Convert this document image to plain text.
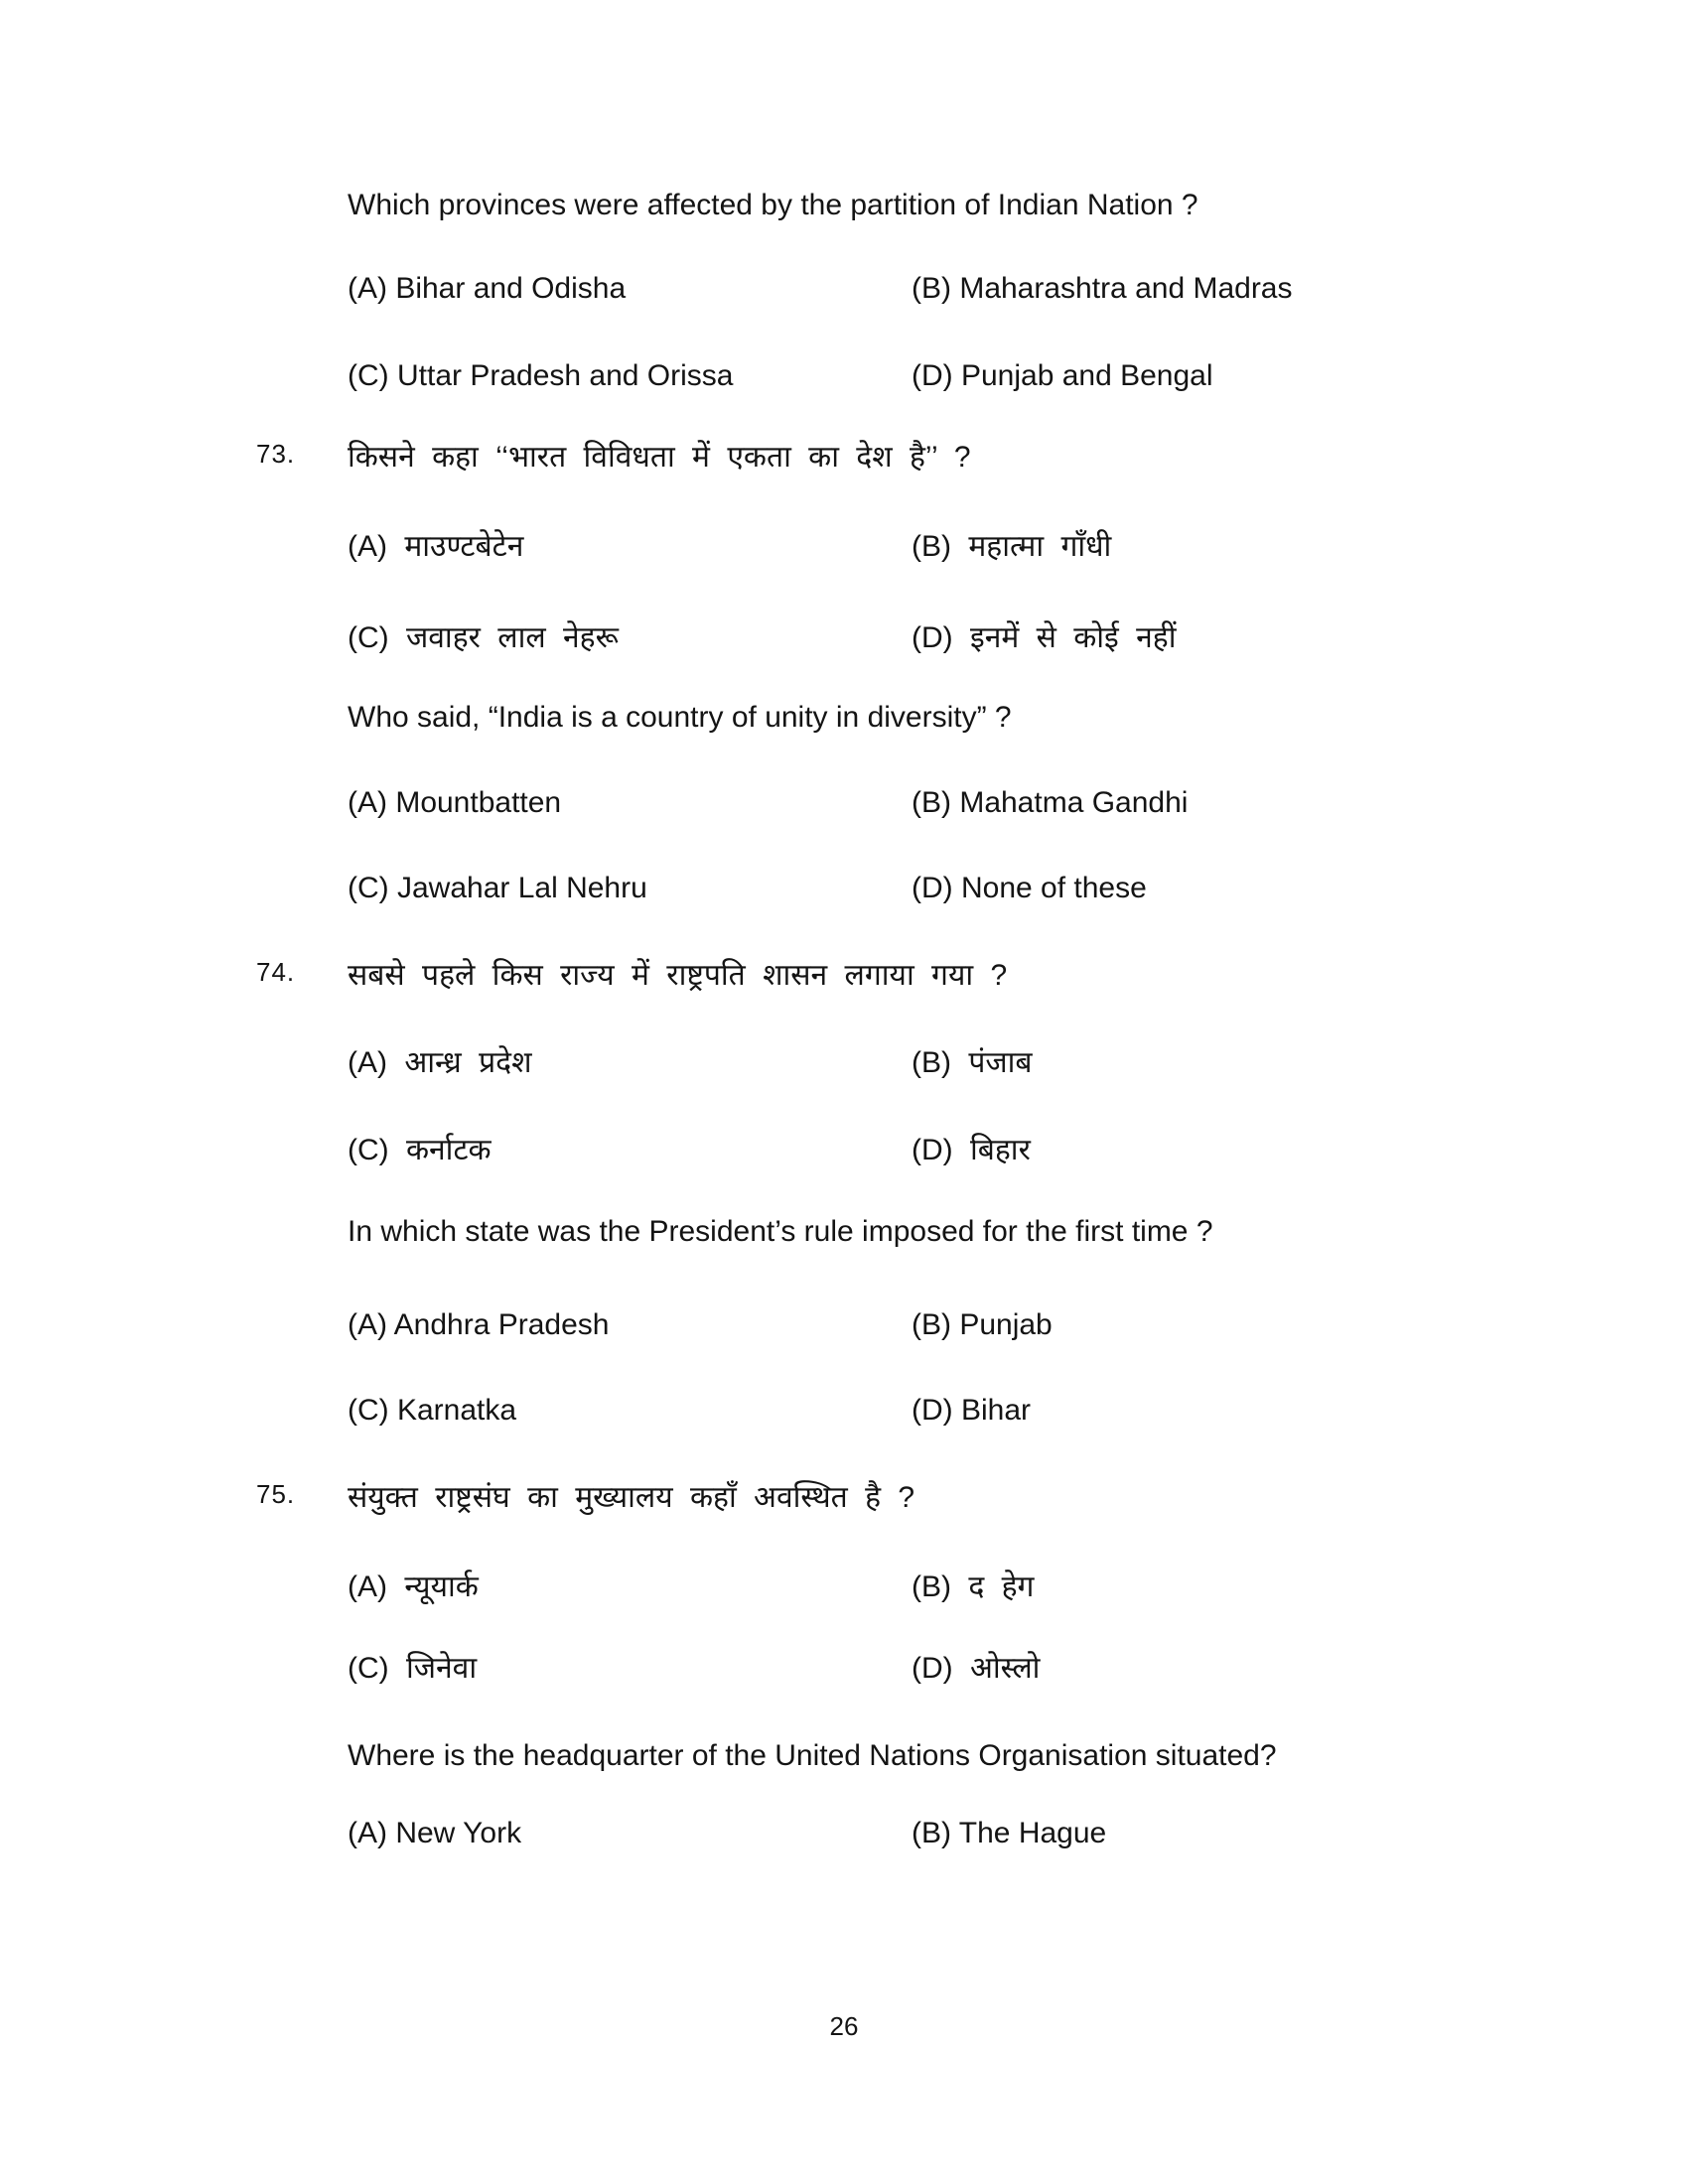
Which provinces were affected by the partition of Indian Nation ?
(A) Bihar and Odisha	(B) Maharashtra and Madras
(C) Uttar Pradesh and Orissa	(D) Punjab and Bengal
73. किसने कहा ‘‘भारत विविधता में एकता का देश है’’ ?
(A) माउण्टबेटेन	(B) महात्मा गाँधी
(C) जवाहर लाल नेहरू	(D) इनमें से कोई नहीं
Who said, “India is a country of unity in diversity” ?
(A) Mountbatten	(B) Mahatma Gandhi
(C) Jawahar Lal Nehru	(D) None of these
74. सबसे पहले किस राज्य में राष्ट्रपति शासन लगाया गया ?
(A) आन्ध्र प्रदेश	(B) पंजाब
(C) कर्नाटक	(D) बिहार
In which state was the President’s rule imposed for the first time ?
(A) Andhra Pradesh	(B) Punjab
(C) Karnatka	(D) Bihar
75. संयुक्त राष्ट्रसंघ का मुख्यालय कहाँ अवस्थित है ?
(A) न्यूयार्क	(B) द हेग
(C) जिनेवा	(D) ओस्लो
Where is the headquarter of the United Nations Organisation situated?
(A) New York	(B) The Hague
26
